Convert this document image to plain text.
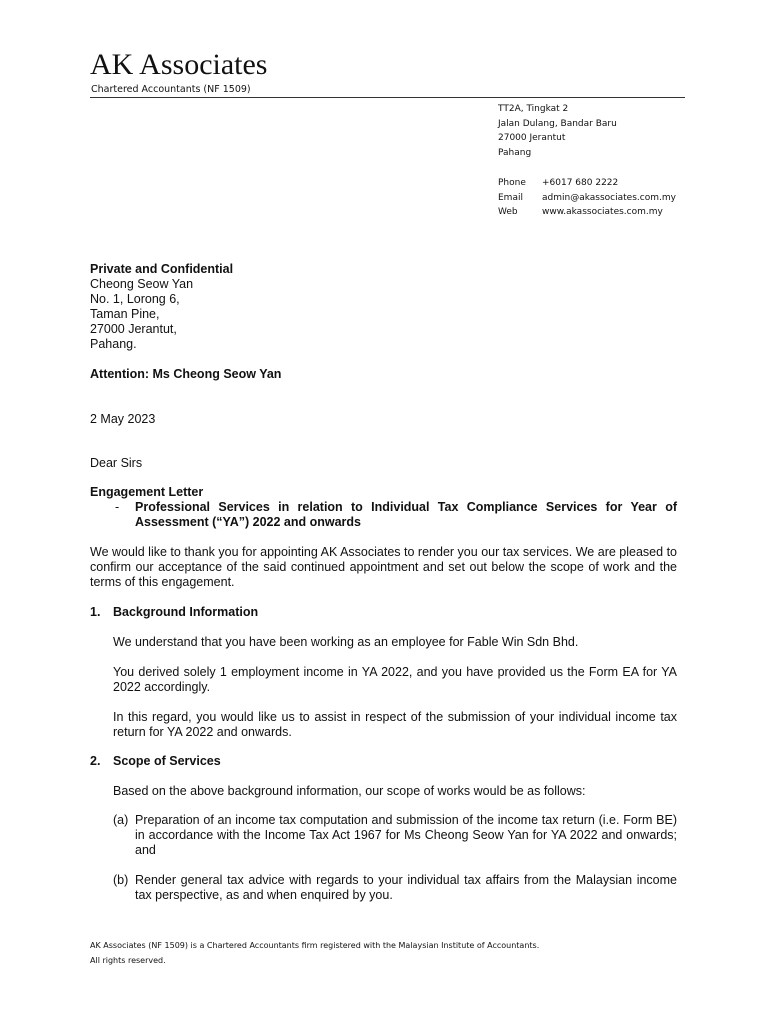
AK Associates
Chartered Accountants (NF 1509)
TT2A, Tingkat 2
Jalan Dulang, Bandar Baru
27000 Jerantut
Pahang
Phone	+6017 680 2222
Email	admin@akassociates.com.my
Web	www.akassociates.com.my
Private and Confidential
Cheong Seow Yan
No. 1, Lorong 6,
Taman Pine,
27000 Jerantut,
Pahang.
Attention: Ms Cheong Seow Yan
2 May 2023
Dear Sirs
Engagement Letter
-	Professional Services in relation to Individual Tax Compliance Services for Year of Assessment (“YA”) 2022 and onwards
We would like to thank you for appointing AK Associates to render you our tax services. We are pleased to confirm our acceptance of the said continued appointment and set out below the scope of work and the terms of this engagement.
1.	Background Information
We understand that you have been working as an employee for Fable Win Sdn Bhd.
You derived solely 1 employment income in YA 2022, and you have provided us the Form EA for YA 2022 accordingly.
In this regard, you would like us to assist in respect of the submission of your individual income tax return for YA 2022 and onwards.
2.	Scope of Services
Based on the above background information, our scope of works would be as follows:
(a) Preparation of an income tax computation and submission of the income tax return (i.e. Form BE) in accordance with the Income Tax Act 1967 for Ms Cheong Seow Yan for YA 2022 and onwards; and
(b) Render general tax advice with regards to your individual tax affairs from the Malaysian income tax perspective, as and when enquired by you.
AK Associates (NF 1509) is a Chartered Accountants firm registered with the Malaysian Institute of Accountants.
All rights reserved.
